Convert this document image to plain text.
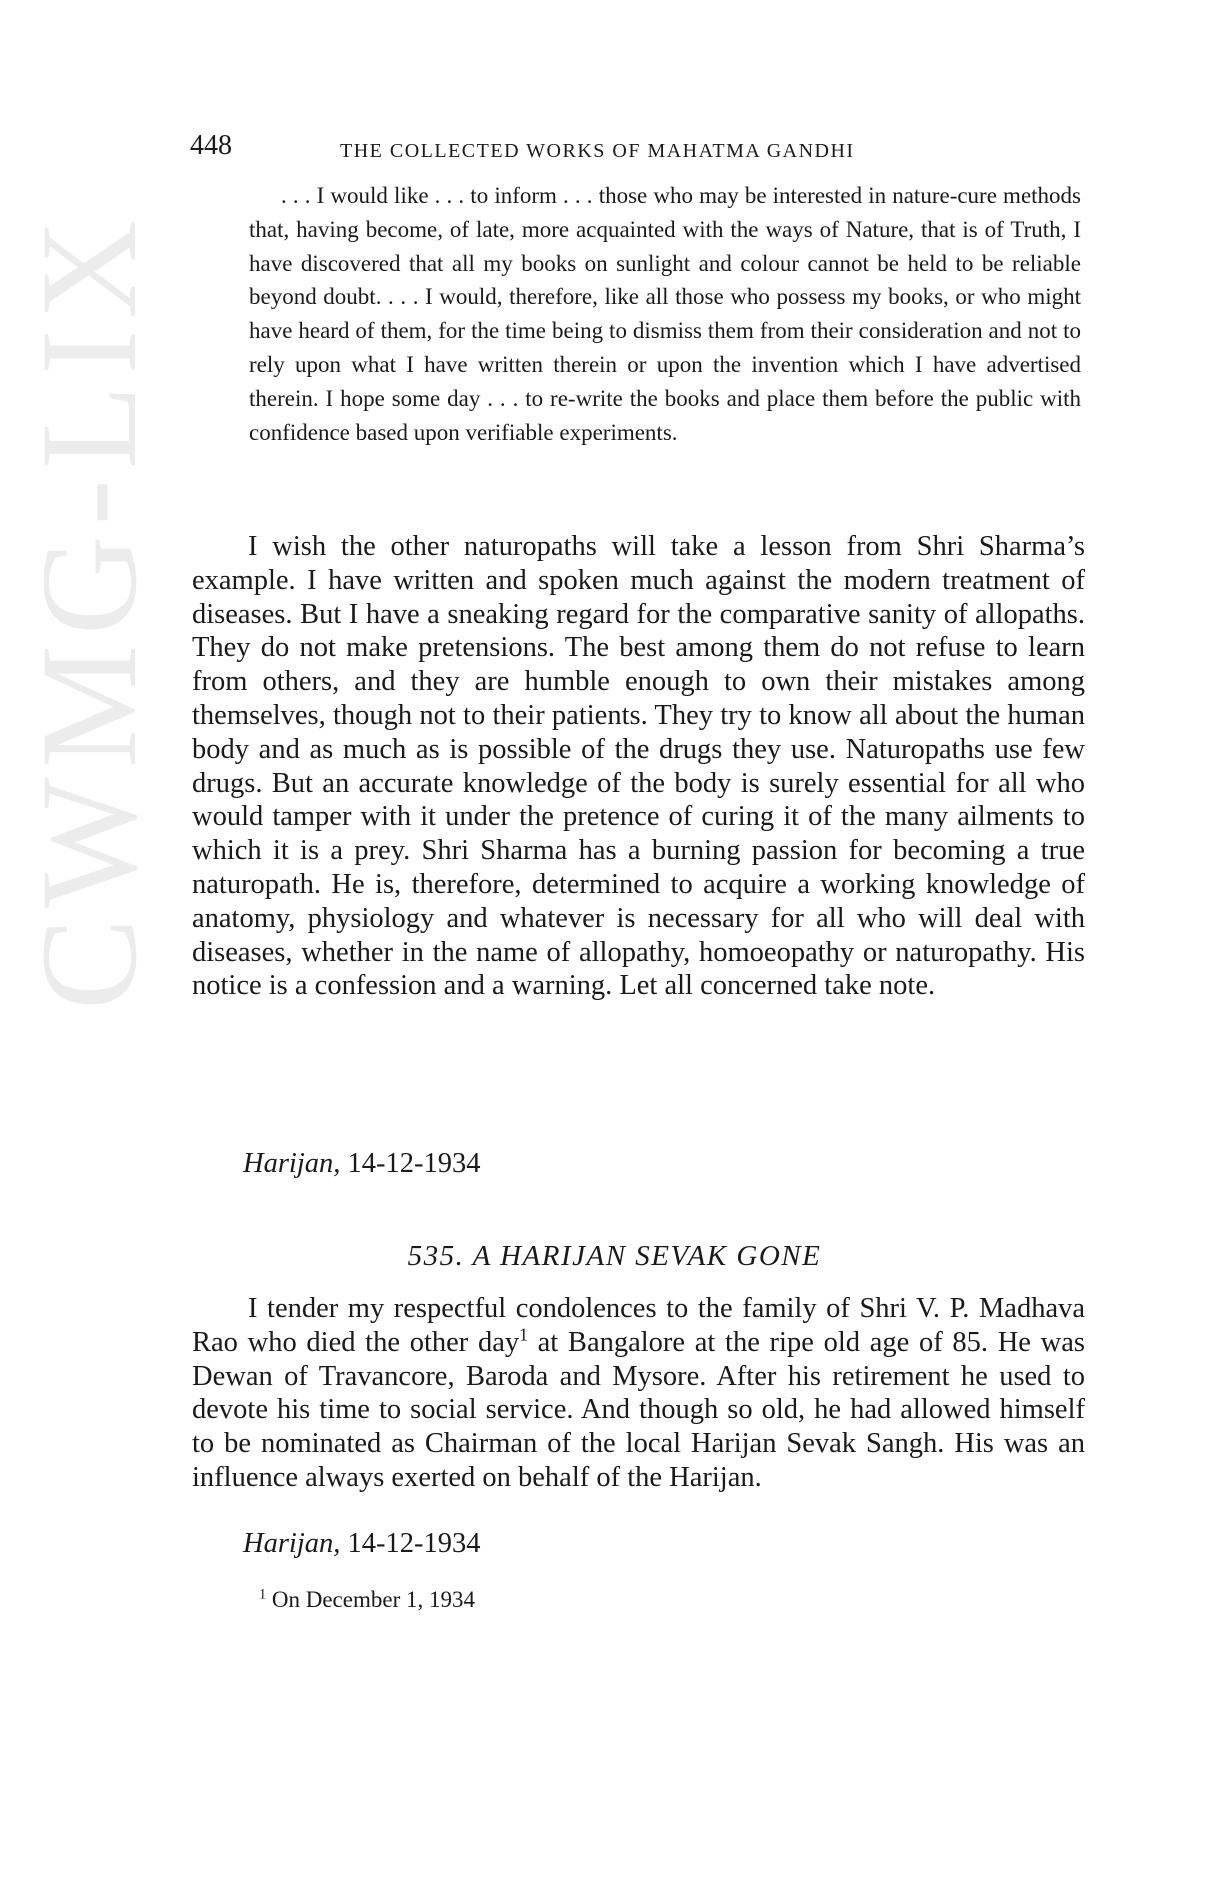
CWMG-LIX
448	THE COLLECTED WORKS OF MAHATMA GANDHI

. . . I would like . . . to inform . . . those who may be interested in nature-cure methods that, having become, of late, more acquainted with the ways of Nature, that is of Truth, I have discovered that all my books on sunlight and colour cannot be held to be reliable beyond doubt. . . . I would, therefore, like all those who possess my books, or who might have heard of them, for the time being to dismiss them from their consideration and not to rely upon what I have written therein or upon the invention which I have advertised therein. I hope some day . . . to re-write the books and place them before the public with confidence based upon verifiable experiments.

I wish the other naturopaths will take a lesson from Shri Sharma’s example. I have written and spoken much against the modern treatment of diseases. But I have a sneaking regard for the comparative sanity of allopaths. They do not make pretensions. The best among them do not refuse to learn from others, and they are humble enough to own their mistakes among themselves, though not to their patients. They try to know all about the human body and as much as is possible of the drugs they use. Naturopaths use few drugs. But an accurate knowledge of the body is surely essential for all who would tamper with it under the pretence of curing it of the many ailments to which it is a prey. Shri Sharma has a burning passion for becoming a true naturopath. He is, therefore, determined to acquire a working knowledge of anatomy, physiology and whatever is necessary for all who will deal with diseases, whether in the name of allopathy, homoeopathy or naturopathy. His notice is a confession and a warning. Let all concerned take note.

Harijan, 14-12-1934
535. A HARIJAN SEVAK GONE

I tender my respectful condolences to the family of Shri V. P. Madhava Rao who died the other day$^1$ at Bangalore at the ripe old age of 85. He was Dewan of Travancore, Baroda and Mysore. After his retirement he used to devote his time to social service. And though so old, he had allowed himself to be nominated as Chairman of the local Harijan Sevak Sangh. His was an influence always exerted on behalf of the Harijan.

Harijan, 14-12-1934
$^1$ On December 1, 1934
